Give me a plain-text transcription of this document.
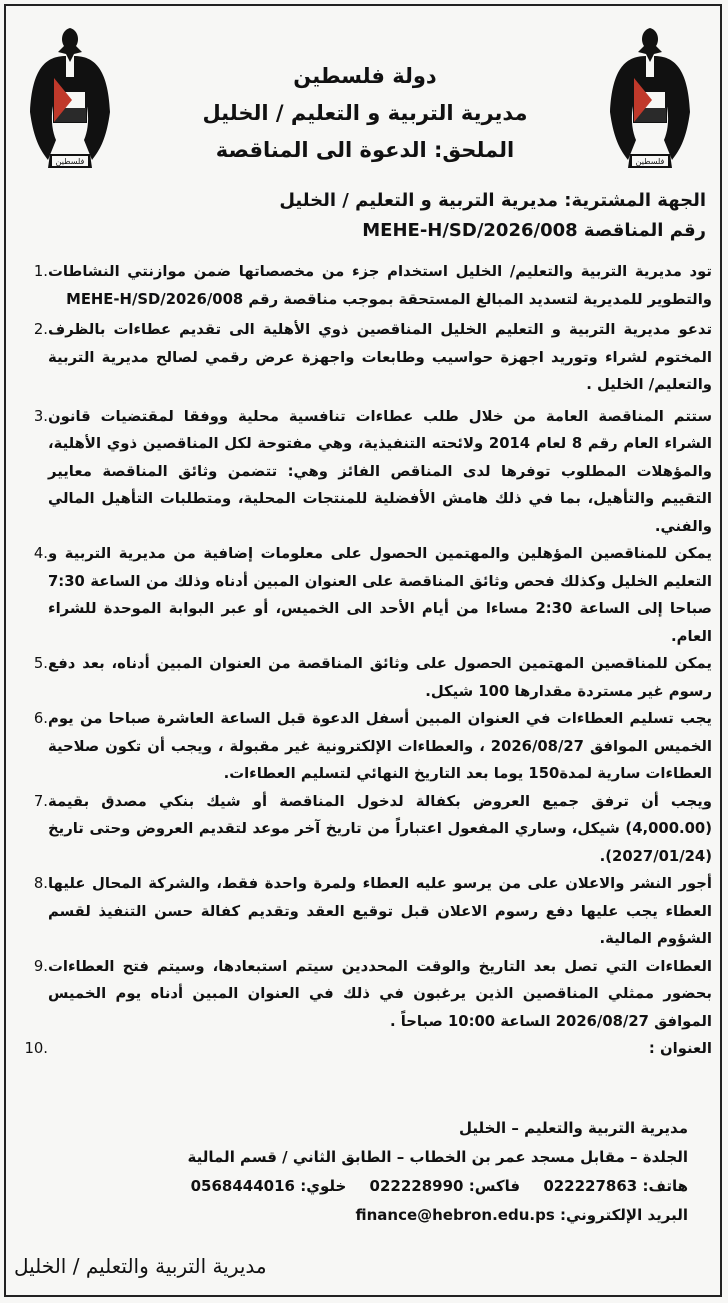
فلسطين	فلسطين
دولة فلسطين
مديرية التربية و التعليم / الخليل
الملحق: الدعوة الى المناقصة
الجهة المشترية: مديرية التربية و التعليم / الخليل
رقم المناقصة MEHE-H/SD/2026/008
تود مديرية التربية والتعليم/ الخليل استخدام جزء من مخصصاتها ضمن موازنتي النشاطات والتطوير للمديرية لتسديد المبالغ المستحقة بموجب مناقصة رقم MEHE-H/SD/2026/008
1.
تدعو مديرية التربية و التعليم الخليل المناقصين ذوي الأهلية الى تقديم عطاءات بالظرف المختوم لشراء وتوريد اجهزة حواسيب وطابعات واجهزة عرض رقمي لصالح مديرية التربية والتعليم/ الخليل .
2.
ستتم المناقصة العامة من خلال طلب عطاءات تنافسية محلية ووفقا لمقتضيات قانون الشراء العام رقم 8 لعام 2014 ولائحته التنفيذية، وهي مفتوحة لكل المناقصين ذوي الأهلية، والمؤهلات المطلوب توفرها لدى المناقص الفائز وهي: تتضمن وثائق المناقصة معايير التقييم والتأهيل، بما في ذلك هامش الأفضلية للمنتجات المحلية، ومتطلبات التأهيل المالي والفني.
3.
يمكن للمناقصين المؤهلين والمهتمين الحصول على معلومات إضافية من مديرية التربية و التعليم الخليل وكذلك فحص وثائق المناقصة على العنوان المبين أدناه وذلك من الساعة 7:30 صباحا إلى الساعة 2:30 مساءا من أيام الأحد الى الخميس، أو عبر البوابة الموحدة للشراء العام.
4.
يمكن للمناقصين المهتمين الحصول على وثائق المناقصة من العنوان المبين أدناه، بعد دفع رسوم غير مستردة مقدارها 100 شيكل.
5.
يجب تسليم العطاءات في العنوان المبين أسفل الدعوة قبل الساعة العاشرة صباحا من يوم الخميس الموافق 2026/08/27 ، والعطاءات الإلكترونية غير مقبولة ، ويجب أن تكون صلاحية العطاءات سارية لمدة150 يوما بعد التاريخ النهائي لتسليم العطاءات.
6.
ويجب أن ترفق جميع العروض بكفالة لدخول المناقصة أو شيك بنكي مصدق بقيمة (4,000.00) شيكل، وساري المفعول اعتباراً من تاريخ آخر موعد لتقديم العروض وحتى تاريخ (2027/01/24).
7.
أجور النشر والاعلان على من يرسو عليه العطاء ولمرة واحدة فقط، والشركة المحال عليها العطاء يجب عليها دفع رسوم الاعلان قبل توقيع العقد وتقديم كفالة حسن التنفيذ لقسم الشؤوم المالية.
8.
العطاءات التي تصل بعد التاريخ والوقت المحددين سيتم استبعادها، وسيتم فتح العطاءات بحضور ممثلي المناقصين الذين يرغبون في ذلك في العنوان المبين أدناه يوم الخميس الموافق 2026/08/27 الساعة 10:00 صباحاً .
9.
العنوان :
10.
مديرية التربية والتعليم – الخليل
الجلدة – مقابل مسجد عمر بن الخطاب – الطابق الثاني / قسم المالية
هاتف: 022227863 فاكس: 022228990 خلوي: 0568444016
البريد الإلكتروني: finance@hebron.edu.ps
مديرية التربية والتعليم / الخليل
